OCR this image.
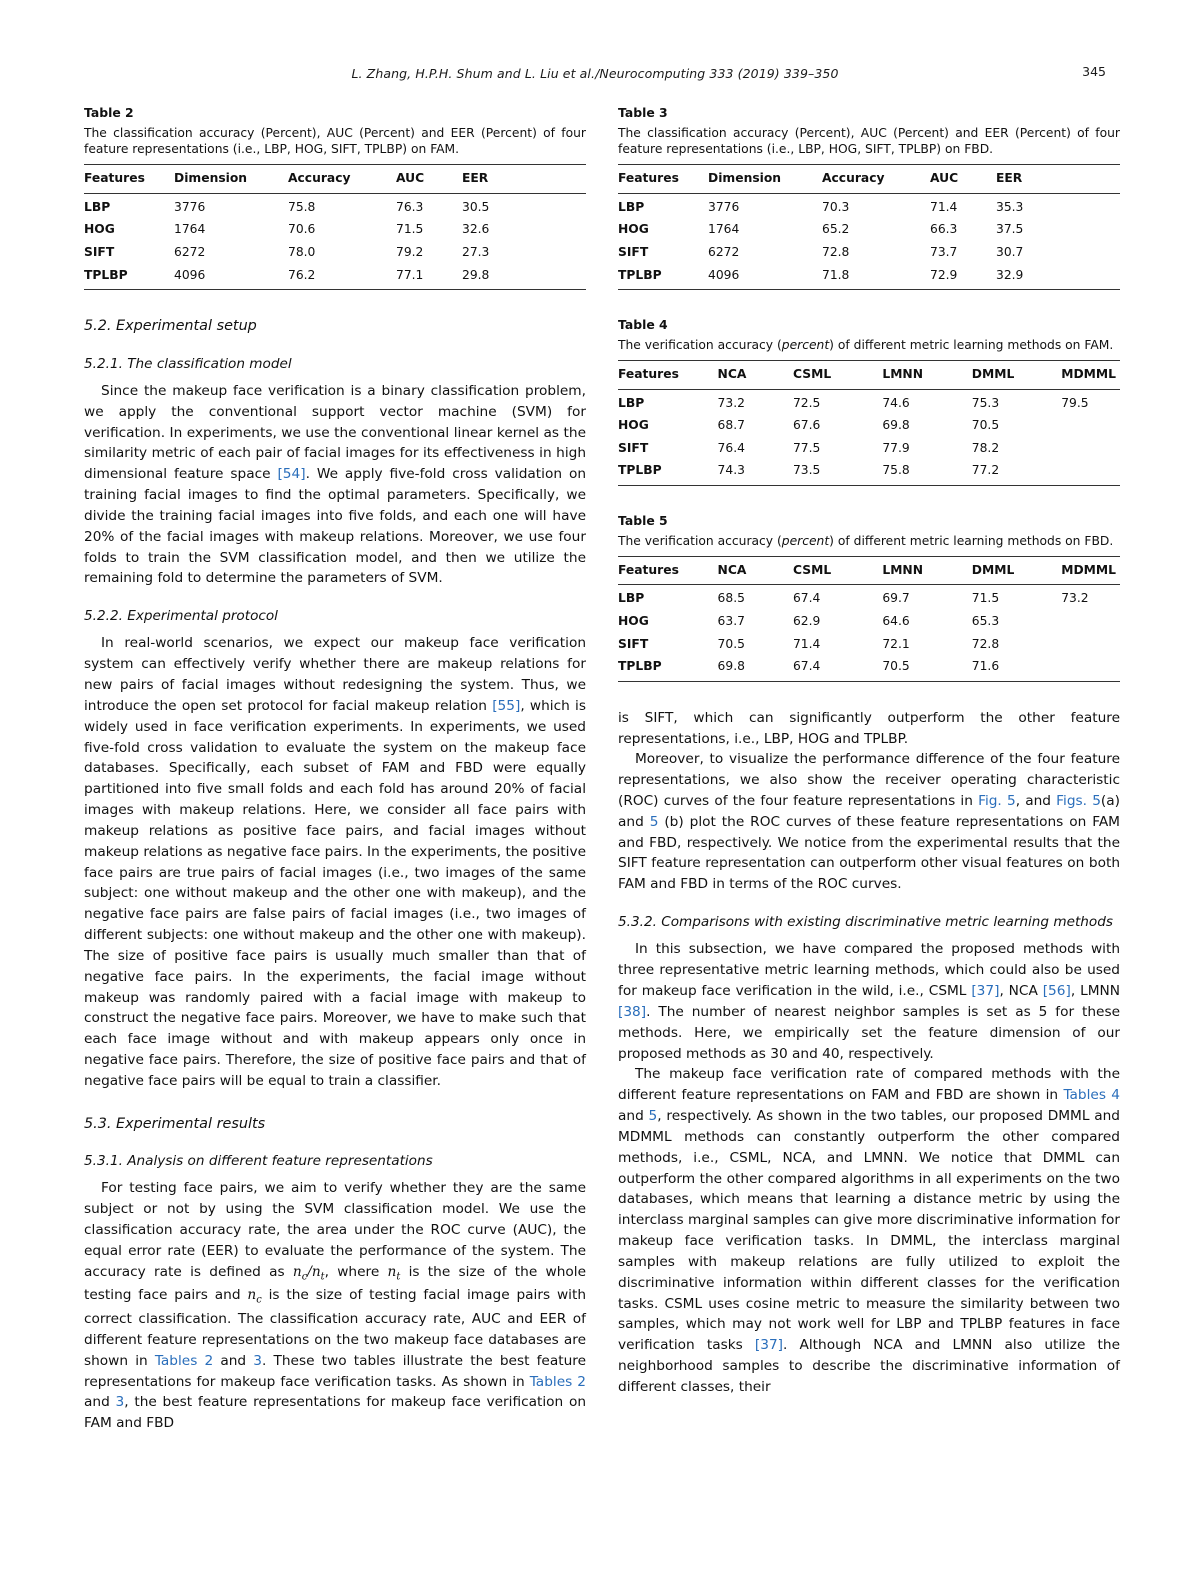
L. Zhang, H.P.H. Shum and L. Liu et al./Neurocomputing 333 (2019) 339–350	345
Table 2
The classification accuracy (Percent), AUC (Percent) and EER (Percent) of four feature representations (i.e., LBP, HOG, SIFT, TPLBP) on FAM.
Features	Dimension	Accuracy	AUC	EER
LBP	3776	75.8	76.3	30.5
HOG	1764	70.6	71.5	32.6
SIFT	6272	78.0	79.2	27.3
TPLBP	4096	76.2	77.1	29.8
5.2. Experimental setup
5.2.1. The classification model

Since the makeup face verification is a binary classification problem, we apply the conventional support vector machine (SVM) for verification. In experiments, we use the conventional linear kernel as the similarity metric of each pair of facial images for its effectiveness in high dimensional feature space [54]. We apply five-fold cross validation on training facial images to find the optimal parameters. Specifically, we divide the training facial images into five folds, and each one will have 20% of the facial images with makeup relations. Moreover, we use four folds to train the SVM classification model, and then we utilize the remaining fold to determine the parameters of SVM.

5.2.2. Experimental protocol

In real-world scenarios, we expect our makeup face verification system can effectively verify whether there are makeup relations for new pairs of facial images without redesigning the system. Thus, we introduce the open set protocol for facial makeup relation [55], which is widely used in face verification experiments. In experiments, we used five-fold cross validation to evaluate the system on the makeup face databases. Specifically, each subset of FAM and FBD were equally partitioned into five small folds and each fold has around 20% of facial images with makeup relations. Here, we consider all face pairs with makeup relations as positive face pairs, and facial images without makeup relations as negative face pairs. In the experiments, the positive face pairs are true pairs of facial images (i.e., two images of the same subject: one without makeup and the other one with makeup), and the negative face pairs are false pairs of facial images (i.e., two images of different subjects: one without makeup and the other one with makeup). The size of positive face pairs is usually much smaller than that of negative face pairs. In the experiments, the facial image without makeup was randomly paired with a facial image with makeup to construct the negative face pairs. Moreover, we have to make such that each face image without and with makeup appears only once in negative face pairs. Therefore, the size of positive face pairs and that of negative face pairs will be equal to train a classifier.

5.3. Experimental results
5.3.1. Analysis on different feature representations

For testing face pairs, we aim to verify whether they are the same subject or not by using the SVM classification model. We use the classification accuracy rate, the area under the ROC curve (AUC), the equal error rate (EER) to evaluate the performance of the system. The accuracy rate is defined as $n_c/n_t$, where $n_t$ is the size of the whole testing face pairs and $n_c$ is the size of testing facial image pairs with correct classification. The classification accuracy rate, AUC and EER of different feature representations on the two makeup face databases are shown in Tables 2 and 3. These two tables illustrate the best feature representations for makeup face verification tasks. As shown in Tables 2 and 3, the best feature representations for makeup face verification on FAM and FBD

Table 3
The classification accuracy (Percent), AUC (Percent) and EER (Percent) of four feature representations (i.e., LBP, HOG, SIFT, TPLBP) on FBD.
Features	Dimension	Accuracy	AUC	EER
LBP	3776	70.3	71.4	35.3
HOG	1764	65.2	66.3	37.5
SIFT	6272	72.8	73.7	30.7
TPLBP	4096	71.8	72.9	32.9
Table 4
The verification accuracy (percent) of different metric learning methods on FAM.
Features	NCA	CSML	LMNN	DMML	MDMML
LBP	73.2	72.5	74.6	75.3	79.5
HOG	68.7	67.6	69.8	70.5	
SIFT	76.4	77.5	77.9	78.2	
TPLBP	74.3	73.5	75.8	77.2	
Table 5
The verification accuracy (percent) of different metric learning methods on FBD.
Features	NCA	CSML	LMNN	DMML	MDMML
LBP	68.5	67.4	69.7	71.5	73.2
HOG	63.7	62.9	64.6	65.3	
SIFT	70.5	71.4	72.1	72.8	
TPLBP	69.8	67.4	70.5	71.6	

is SIFT, which can significantly outperform the other feature representations, i.e., LBP, HOG and TPLBP.

Moreover, to visualize the performance difference of the four feature representations, we also show the receiver operating characteristic (ROC) curves of the four feature representations in Fig. 5, and Figs. 5(a) and 5 (b) plot the ROC curves of these feature representations on FAM and FBD, respectively. We notice from the experimental results that the SIFT feature representation can outperform other visual features on both FAM and FBD in terms of the ROC curves.

5.3.2. Comparisons with existing discriminative metric learning methods

In this subsection, we have compared the proposed methods with three representative metric learning methods, which could also be used for makeup face verification in the wild, i.e., CSML [37], NCA [56], LMNN [38]. The number of nearest neighbor samples is set as 5 for these methods. Here, we empirically set the feature dimension of our proposed methods as 30 and 40, respectively.

The makeup face verification rate of compared methods with the different feature representations on FAM and FBD are shown in Tables 4 and 5, respectively. As shown in the two tables, our proposed DMML and MDMML methods can constantly outperform the other compared methods, i.e., CSML, NCA, and LMNN. We notice that DMML can outperform the other compared algorithms in all experiments on the two databases, which means that learning a distance metric by using the interclass marginal samples can give more discriminative information for makeup face verification tasks. In DMML, the interclass marginal samples with makeup relations are fully utilized to exploit the discriminative information within different classes for the verification tasks. CSML uses cosine metric to measure the similarity between two samples, which may not work well for LBP and TPLBP features in face verification tasks [37]. Although NCA and LMNN also utilize the neighborhood samples to describe the discriminative information of different classes, their
